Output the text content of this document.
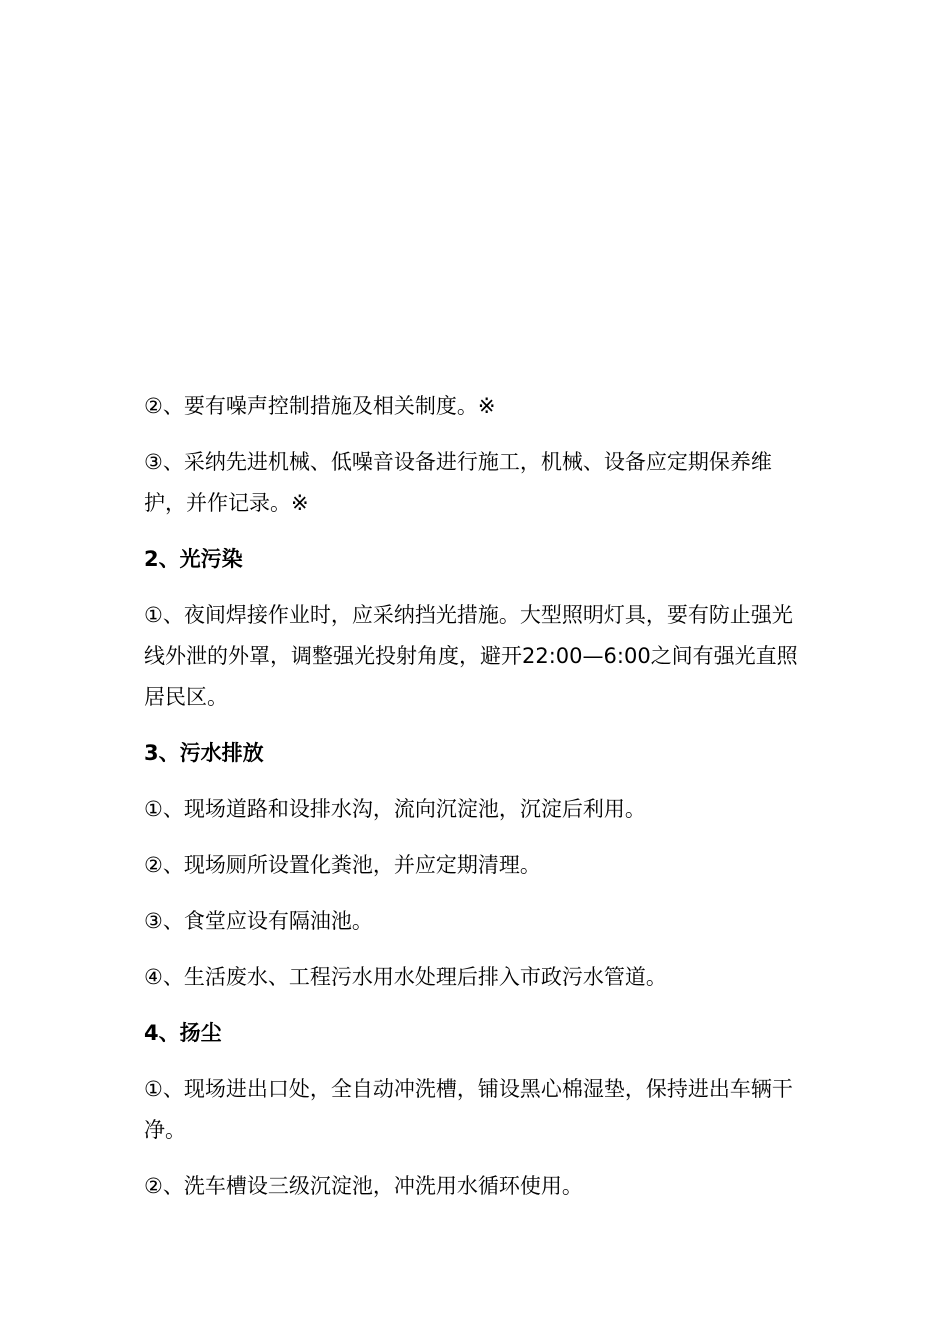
②、要有噪声控制措施及相关制度。※

③、采纳先进机械、低噪音设备进行施工，机械、设备应定期保养维护，并作记录。※

2、光污染

①、夜间焊接作业时，应采纳挡光措施。大型照明灯具，要有防止强光线外泄的外罩，调整强光投射角度，避开22:00—6:00之间有强光直照居民区。

3、污水排放

①、现场道路和设排水沟，流向沉淀池，沉淀后利用。

②、现场厕所设置化粪池，并应定期清理。

③、食堂应设有隔油池。

④、生活废水、工程污水用水处理后排入市政污水管道。

4、扬尘

①、现场进出口处，全自动冲洗槽，铺设黑心棉湿垫，保持进出车辆干净。

②、洗车槽设三级沉淀池，冲洗用水循环使用。
